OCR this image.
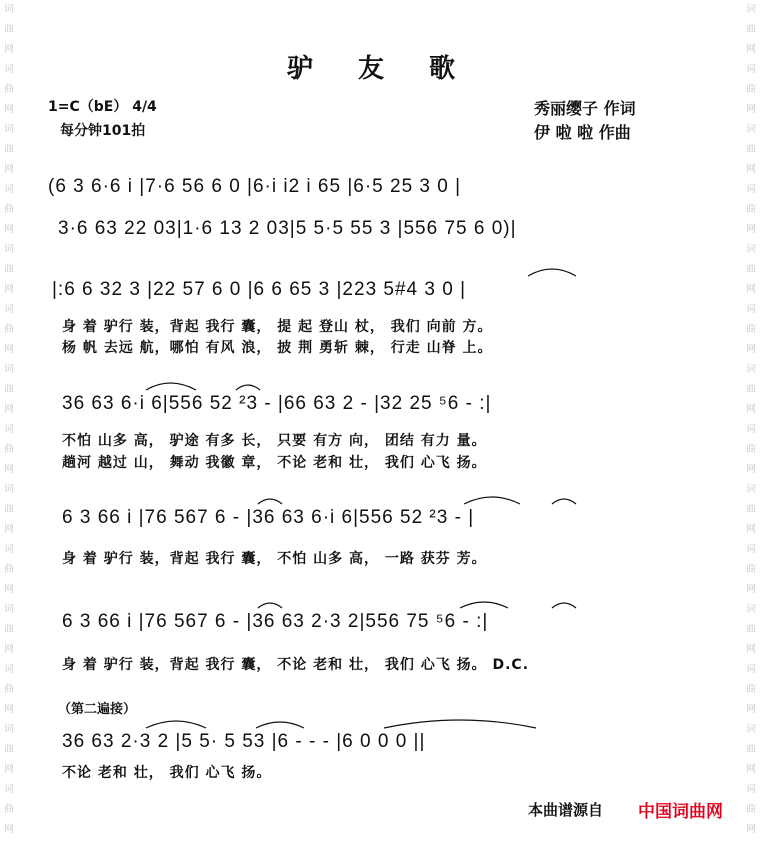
词曲网词曲网词曲网词曲网词曲网词曲网词曲网词曲网词曲网词曲网词曲网词曲网词曲网词曲网
词曲网词曲网词曲网词曲网词曲网词曲网词曲网词曲网词曲网词曲网词曲网词曲网词曲网词曲网
驴 友 歌
1=C（bE） 4/4
每分钟101拍
秀丽缨子 作词
伊 啦 啦 作曲
(6 3 6·6 i |7·6 56 6 0 |6·i i2 i 65 |6·5 25 3 0 |
3·6 63 22 03|1·6 13 2 03|5 5·5 55 3 |556 75 6 0)|
|:6 6 32 3 |22 57 6 0 |6 6 65 3 |223 5#4 3 0 |
身 着 驴行 装，背起 我行 囊， 提 起 登山 杖， 我们 向前 方。
杨 帆 去远 航，哪怕 有风 浪， 披 荆 勇斩 棘， 行走 山脊 上。
36 63 6·i 6|556 52 ²3 - |66 63 2 - |32 25 ⁵6 - :|
不怕 山多 高， 驴途 有多 长， 只要 有方 向， 团结 有力 量。
趟河 越过 山， 舞动 我徽 章， 不论 老和 壮， 我们 心飞 扬。
6 3 66 i |76 567 6 - |36 63 6·i 6|556 52 ²3 - |
身 着 驴行 装，背起 我行 囊， 不怕 山多 高， 一路 获芬 芳。
6 3 66 i |76 567 6 - |36 63 2·3 2|556 75 ⁵6 - :|
身 着 驴行 装，背起 我行 囊， 不论 老和 壮， 我们 心飞 扬。 D.C.
（第二遍接）
36 63 2·3 2 |5 5· 5 53 |6 - - - |6 0 0 0 ||
不论 老和 壮， 我们 心飞 扬。
本曲谱源自 中国词曲网
